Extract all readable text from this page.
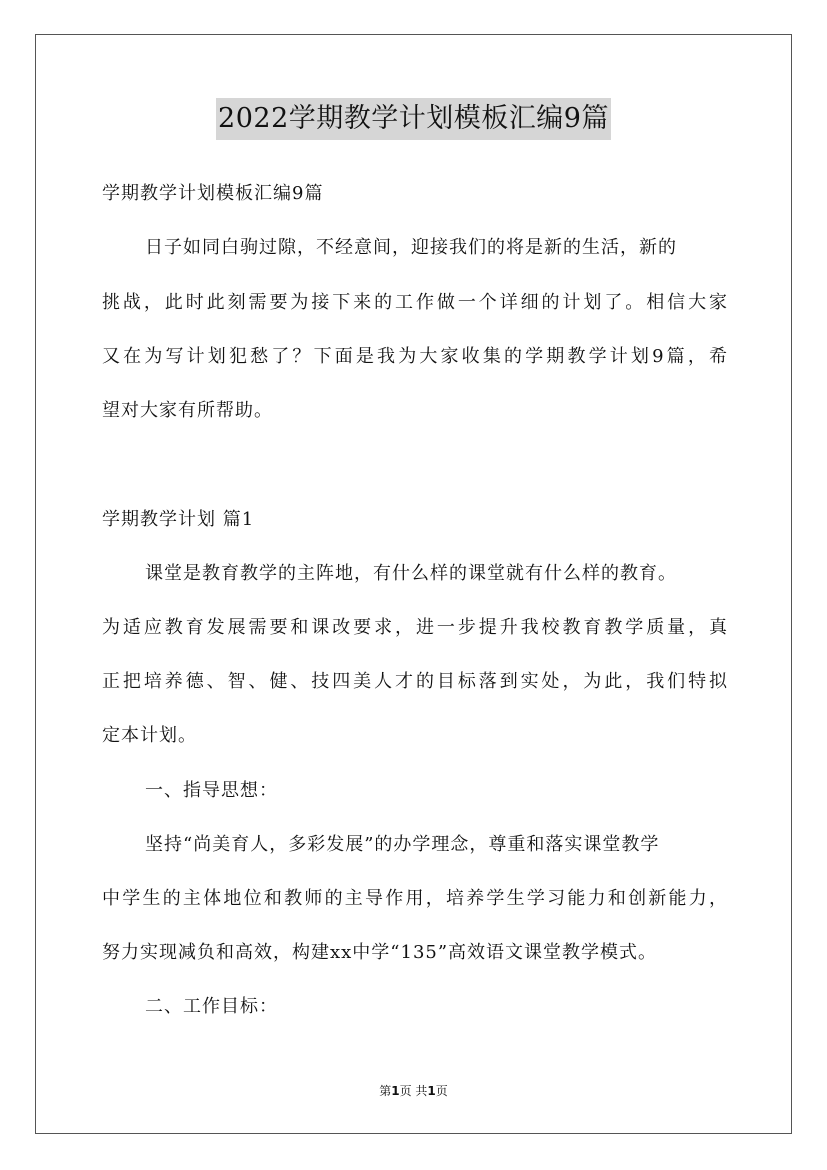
2022学期教学计划模板汇编9篇
学期教学计划模板汇编9篇
日子如同白驹过隙，不经意间，迎接我们的将是新的生活，新的
挑战，此时此刻需要为接下来的工作做一个详细的计划了。相信大家
又在为写计划犯愁了？下面是我为大家收集的学期教学计划9篇，希
望对大家有所帮助。
学期教学计划 篇1
课堂是教育教学的主阵地，有什么样的课堂就有什么样的教育。
为适应教育发展需要和课改要求，进一步提升我校教育教学质量，真
正把培养德、智、健、技四美人才的目标落到实处，为此，我们特拟
定本计划。
一、指导思想：
坚持“尚美育人，多彩发展”的办学理念，尊重和落实课堂教学
中学生的主体地位和教师的主导作用，培养学生学习能力和创新能力，
努力实现减负和高效，构建xx中学“135”高效语文课堂教学模式。
二、工作目标：
第1页 共1页
